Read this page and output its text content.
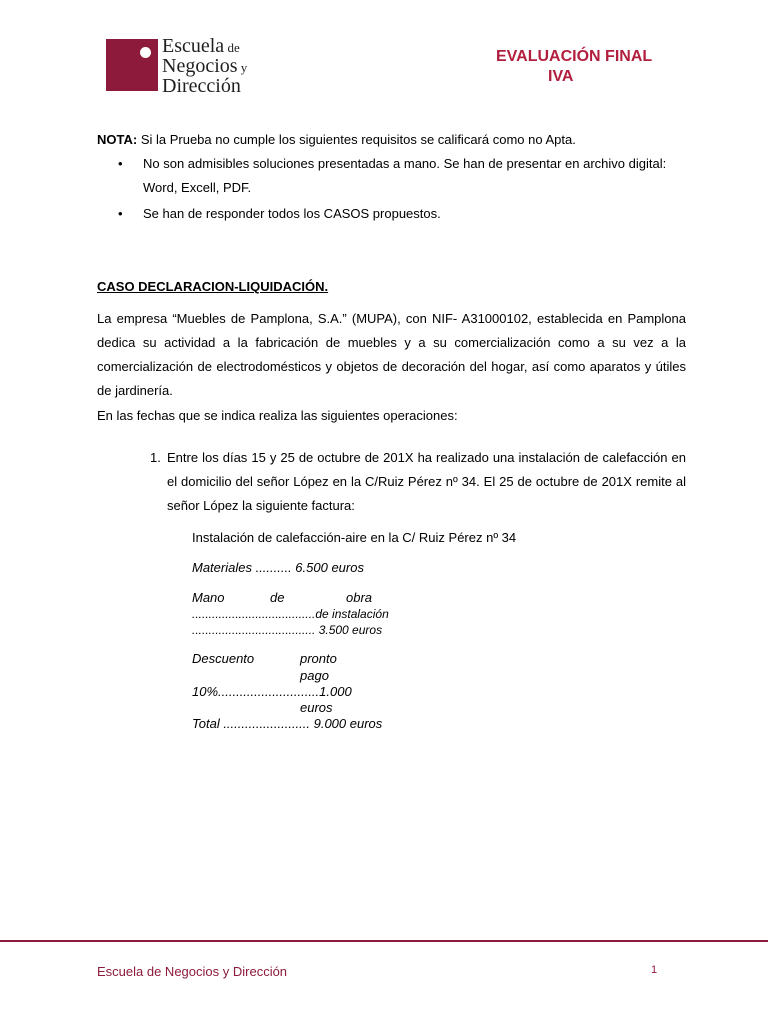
Escuela de
Negocios y
Dirección
EVALUACIÓN FINAL
IVA
NOTA: Si la Prueba no cumple los siguientes requisitos se calificará como no Apta.
• No son admisibles soluciones presentadas a mano. Se han de presentar en archivo digital: Word, Excell, PDF.
• Se han de responder todos los CASOS propuestos.
CASO DECLARACION-LIQUIDACIÓN.
La empresa “Muebles de Pamplona, S.A.” (MUPA), con NIF- A31000102, establecida en Pamplona dedica su actividad a la fabricación de muebles y a su comercialización como a su vez a la comercialización de electrodomésticos y objetos de decoración del hogar, así como aparatos y útiles de jardinería.
En las fechas que se indica realiza las siguientes operaciones:
1. Entre los días 15 y 25 de octubre de 201X ha realizado una instalación de calefacción en el domicilio del señor López en la C/Ruiz Pérez nº 34. El 25 de octubre de 201X remite al señor López la siguiente factura:
Instalación de calefacción-aire en la C/ Ruiz Pérez nº 34
Materiales .......... 6.500 euros
Mano	de	obra
.....................................de instalación
..................................... 3.500 euros
Descuento	pronto
pago
10%............................1.000
euros
Total ........................ 9.000 euros
Escuela de Negocios y Dirección	1
